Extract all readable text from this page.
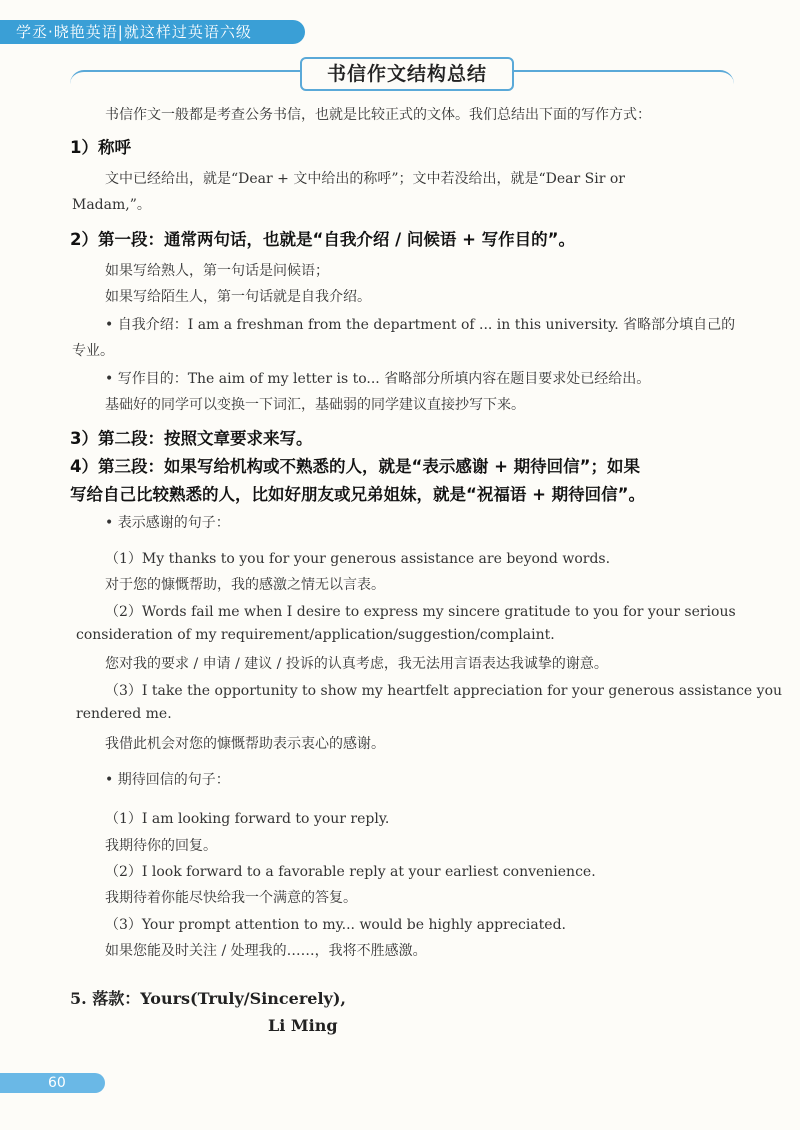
学丞·晓艳英语|就这样过英语六级
书信作文结构总结
书信作文一般都是考查公务书信，也就是比较正式的文体。我们总结出下面的写作方式：
1）称呼
文中已经给出，就是“Dear + 文中给出的称呼”；文中若没给出，就是“Dear Sir or
Madam,”。
2）第一段：通常两句话，也就是“自我介绍 / 问候语 + 写作目的”。
如果写给熟人，第一句话是问候语；
如果写给陌生人，第一句话就是自我介绍。
• 自我介绍：I am a freshman from the department of ... in this university. 省略部分填自己的
专业。
• 写作目的：The aim of my letter is to... 省略部分所填内容在题目要求处已经给出。
基础好的同学可以变换一下词汇，基础弱的同学建议直接抄写下来。
3）第二段：按照文章要求来写。
4）第三段：如果写给机构或不熟悉的人，就是“表示感谢 + 期待回信”；如果
写给自己比较熟悉的人，比如好朋友或兄弟姐妹，就是“祝福语 + 期待回信”。
• 表示感谢的句子：
（1）My thanks to you for your generous assistance are beyond words.
对于您的慷慨帮助，我的感激之情无以言表。
（2）Words fail me when I desire to express my sincere gratitude to you for your serious
consideration of my requirement/application/suggestion/complaint.
您对我的要求 / 申请 / 建议 / 投诉的认真考虑，我无法用言语表达我诚挚的谢意。
（3）I take the opportunity to show my heartfelt appreciation for your generous assistance you
rendered me.
我借此机会对您的慷慨帮助表示衷心的感谢。
• 期待回信的句子：
（1）I am looking forward to your reply.
我期待你的回复。
（2）I look forward to a favorable reply at your earliest convenience.
我期待着你能尽快给我一个满意的答复。
（3）Your prompt attention to my... would be highly appreciated.
如果您能及时关注 / 处理我的……，我将不胜感激。
5. 落款：Yours(Truly/Sincerely),
Li Ming
60
